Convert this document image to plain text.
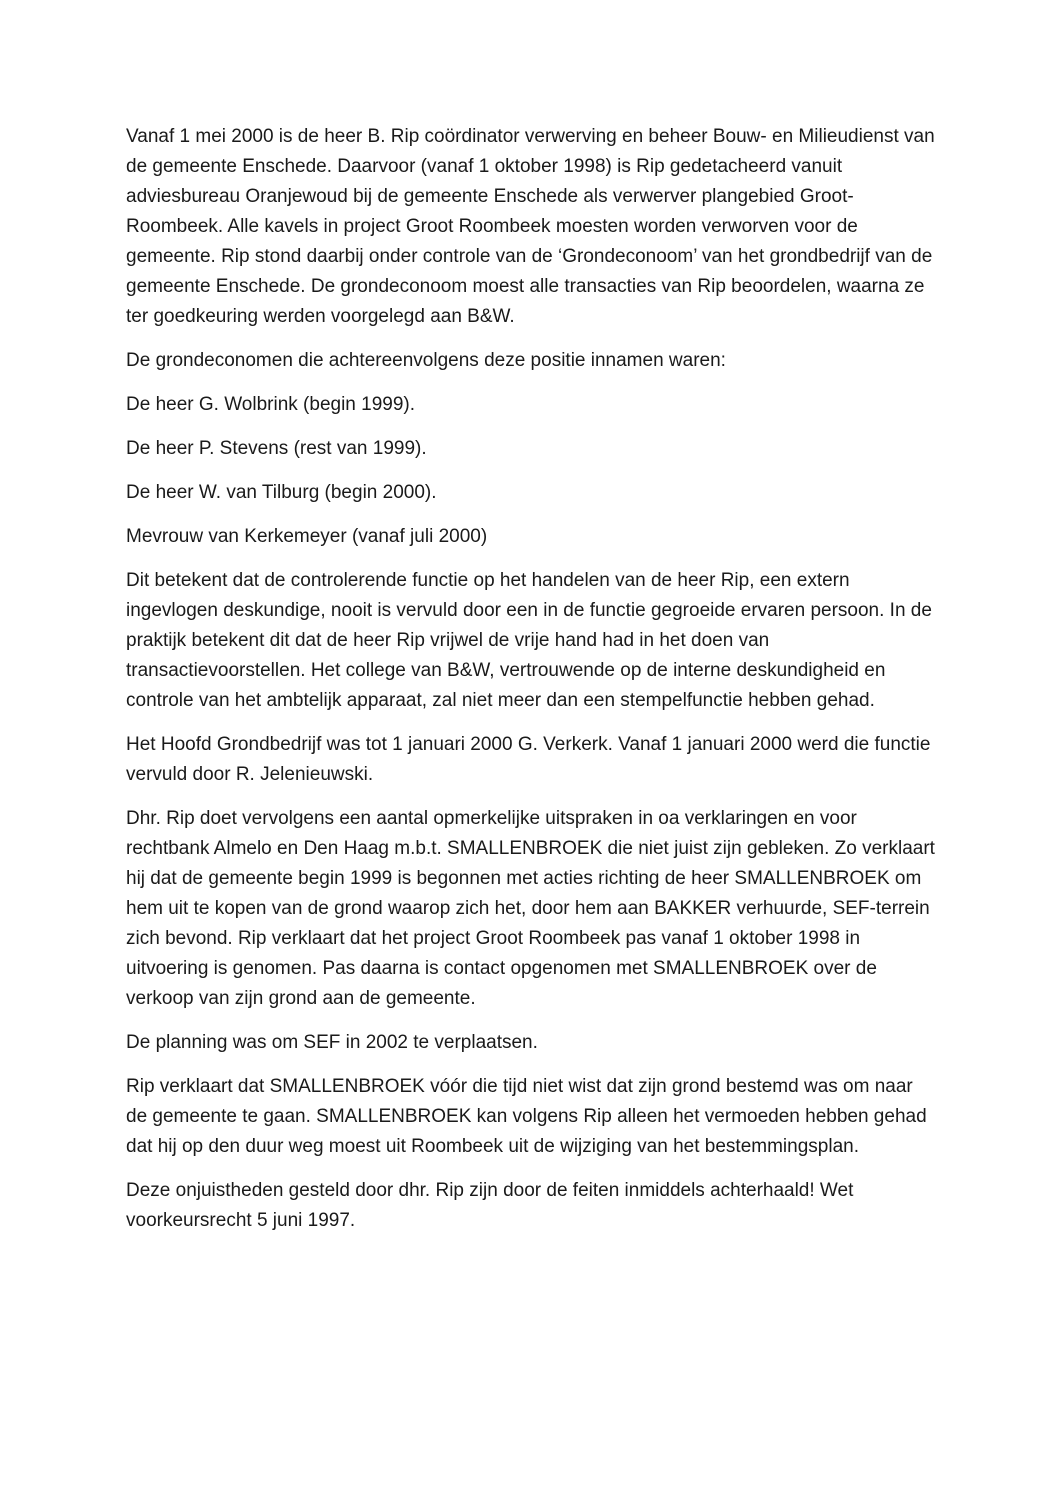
Vanaf 1 mei 2000 is de heer B. Rip coördinator verwerving en beheer Bouw- en Milieudienst van de gemeente Enschede. Daarvoor (vanaf 1 oktober 1998) is Rip gedetacheerd vanuit adviesbureau Oranjewoud bij de gemeente Enschede als verwerver plangebied Groot-Roombeek. Alle kavels in project Groot Roombeek moesten worden verworven voor de gemeente. Rip stond daarbij onder controle van de ‘Grondeconoom’ van het grondbedrijf van de gemeente Enschede. De grondeconoom moest alle transacties van Rip beoordelen, waarna ze ter goedkeuring werden voorgelegd aan B&W.

De grondeconomen die achtereenvolgens deze positie innamen waren:

De heer G. Wolbrink (begin 1999).

De heer P. Stevens (rest van 1999).

De heer W. van Tilburg (begin 2000).

Mevrouw van Kerkemeyer (vanaf juli 2000)

Dit betekent dat de controlerende functie op het handelen van de heer Rip, een extern ingevlogen deskundige, nooit is vervuld door een in de functie gegroeide ervaren persoon. In de praktijk betekent dit dat de heer Rip vrijwel de vrije hand had in het doen van transactievoorstellen. Het college van B&W, vertrouwende op de interne deskundigheid en controle van het ambtelijk apparaat, zal niet meer dan een stempelfunctie hebben gehad.

Het Hoofd Grondbedrijf was tot 1 januari 2000 G. Verkerk. Vanaf 1 januari 2000 werd die functie vervuld door R. Jelenieuwski.

Dhr. Rip doet vervolgens een aantal opmerkelijke uitspraken in oa verklaringen en voor rechtbank Almelo en Den Haag m.b.t. SMALLENBROEK die niet juist zijn gebleken. Zo verklaart hij dat de gemeente begin 1999 is begonnen met acties richting de heer SMALLENBROEK om hem uit te kopen van de grond waarop zich het, door hem aan BAKKER verhuurde, SEF-terrein zich bevond. Rip verklaart dat het project Groot Roombeek pas vanaf 1 oktober 1998 in uitvoering is genomen. Pas daarna is contact opgenomen met SMALLENBROEK over de verkoop van zijn grond aan de gemeente.

De planning was om SEF in 2002 te verplaatsen.

Rip verklaart dat SMALLENBROEK vóór die tijd niet wist dat zijn grond bestemd was om naar de gemeente te gaan. SMALLENBROEK kan volgens Rip alleen het vermoeden hebben gehad dat hij op den duur weg moest uit Roombeek uit de wijziging van het bestemmingsplan.

Deze onjuistheden gesteld door dhr. Rip zijn door de feiten inmiddels achterhaald! Wet voorkeursrecht 5 juni 1997.
